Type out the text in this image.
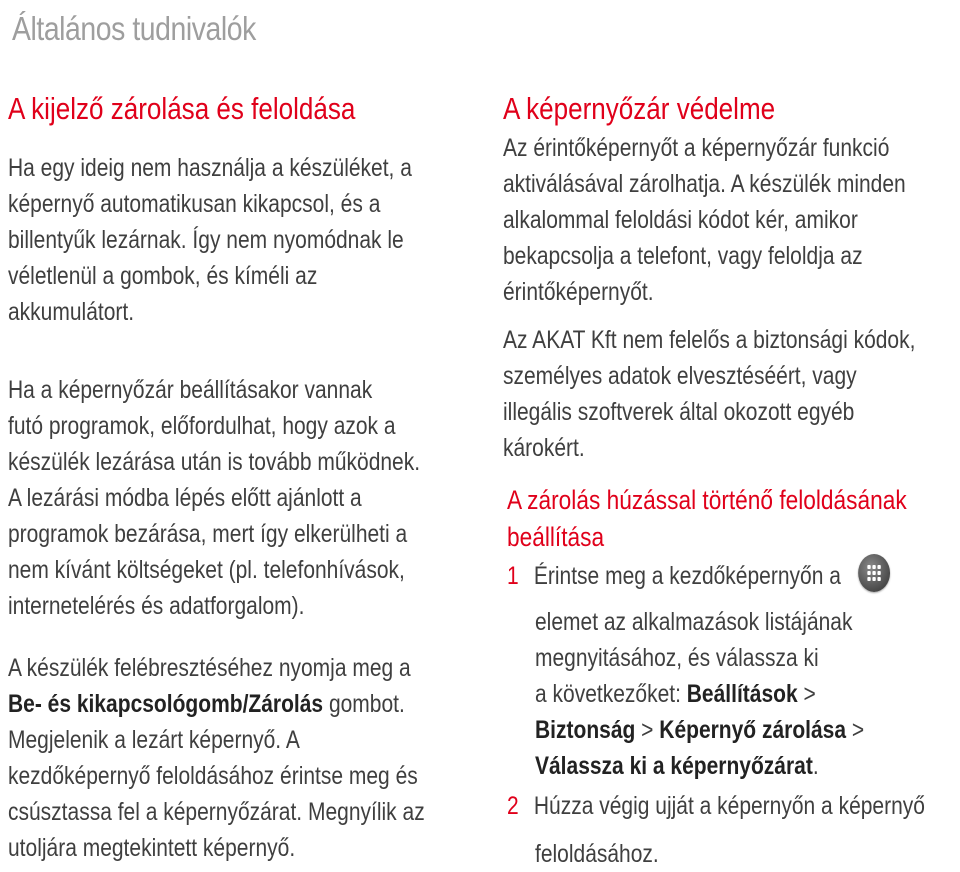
Általános tudnivalók
A kijelző zárolása és feloldása

Ha egy ideig nem használja a készüléket, a

képernyő automatikusan kikapcsol, és a

billentyűk lezárnak. Így nem nyomódnak le

véletlenül a gombok, és kíméli az

akkumulátort.

Ha a képernyőzár beállításakor vannak

futó programok, előfordulhat, hogy azok a

készülék lezárása után is tovább működnek.

A lezárási módba lépés előtt ajánlott a

programok bezárása, mert így elkerülheti a

nem kívánt költségeket (pl. telefonhívások,

internetelérés és adatforgalom).

A készülék felébresztéséhez nyomja meg a

Be- és kikapcsológomb/Zárolás gombot.

Megjelenik a lezárt képernyő. A

kezdőképernyő feloldásához érintse meg és

csúsztassa fel a képernyőzárat. Megnyílik az

utoljára megtekintett képernyő.

A képernyőzár védelme

Az érintőképernyőt a képernyőzár funkció

aktiválásával zárolhatja. A készülék minden

alkalommal feloldási kódot kér, amikor

bekapcsolja a telefont, vagy feloldja az

érintőképernyőt.

Az AKAT Kft nem felelős a biztonsági kódok,

személyes adatok elvesztéséért, vagy

illegális szoftverek által okozott egyéb

károkért.

A zárolás húzással történő feloldásának

beállítása

1 Érintse meg a kezdőképernyőn a

elemet az alkalmazások listájának

megnyitásához, és válassza ki

a következőket: Beállítások >

Biztonság > Képernyő zárolása >

Válassza ki a képernyőzárat.

2 Húzza végig ujját a képernyőn a képernyő

feloldásához.
